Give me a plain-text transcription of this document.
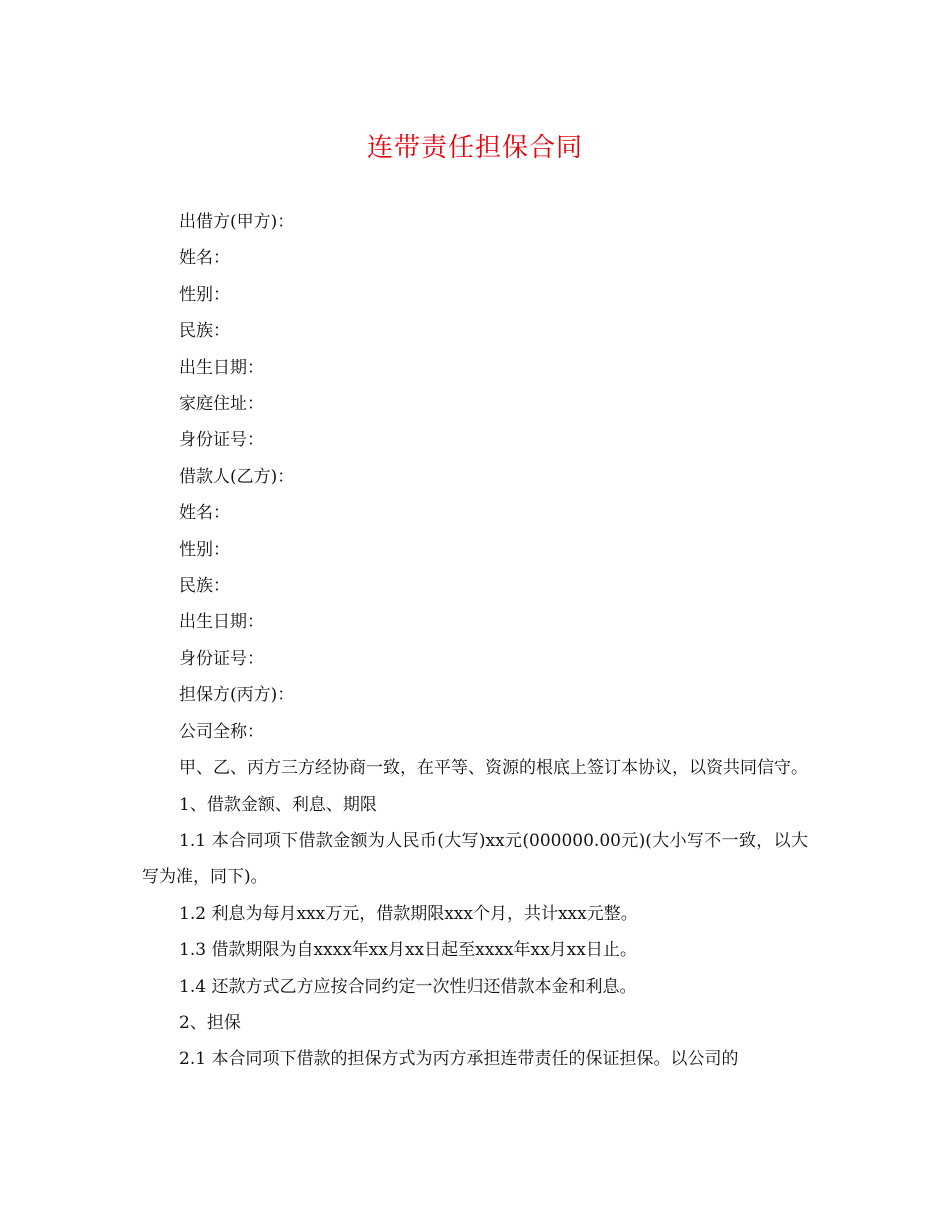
连带责任担保合同
出借方(甲方)：
姓名：
性别：
民族：
出生日期：
家庭住址：
身份证号：
借款人(乙方)：
姓名：
性别：
民族：
出生日期：
身份证号：
担保方(丙方)：
公司全称：
甲、乙、丙方三方经协商一致，在平等、资源的根底上签订本协议，以资共同信守。
1、借款金额、利息、期限
1.1 本合同项下借款金额为人民币(大写)xx元(000000.00元)(大小写不一致，以大写为准，同下)。
1.2 利息为每月xxx万元，借款期限xxx个月，共计xxx元整。
1.3 借款期限为自xxxx年xx月xx日起至xxxx年xx月xx日止。
1.4 还款方式乙方应按合同约定一次性归还借款本金和利息。
2、担保
2.1 本合同项下借款的担保方式为丙方承担连带责任的保证担保。以公司的
